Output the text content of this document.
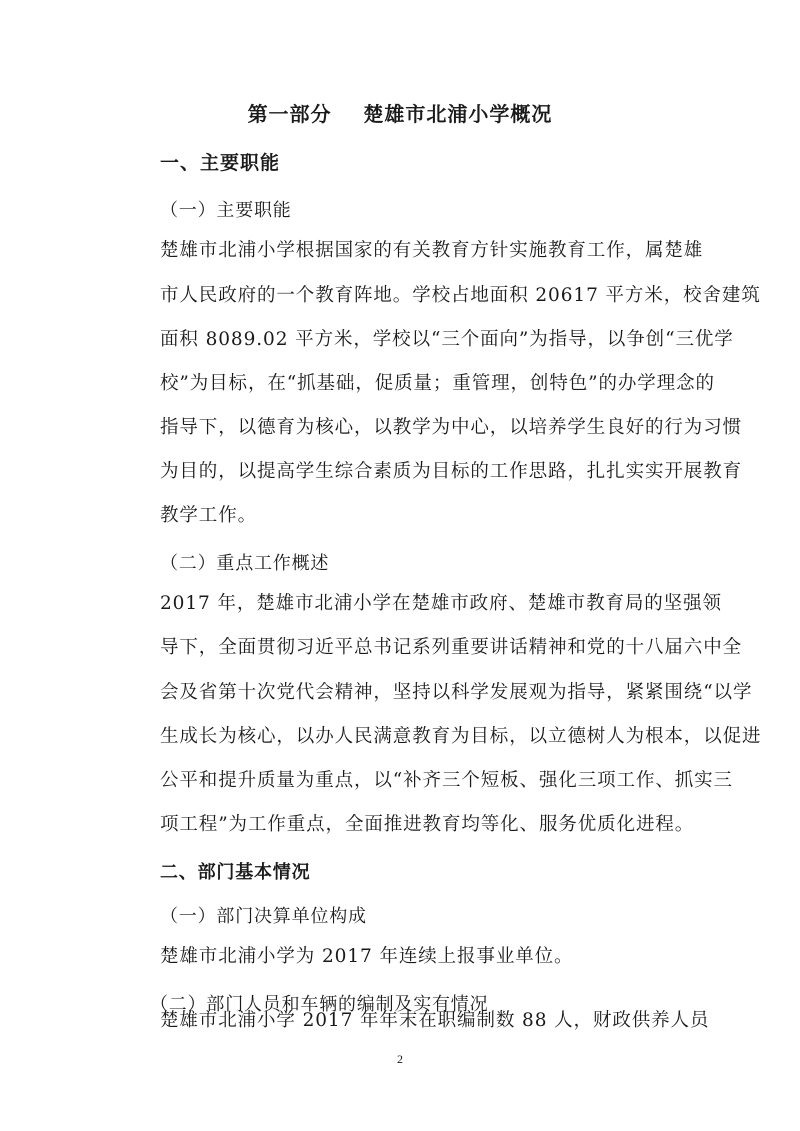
第一部分    楚雄市北浦小学概况
一、主要职能
（一）主要职能
楚雄市北浦小学根据国家的有关教育方针实施教育工作，属楚雄
市人民政府的一个教育阵地。学校占地面积 20617 平方米，校舍建筑
面积 8089.02 平方米，学校以“三个面向”为指导，以争创“三优学
校”为目标，在“抓基础，促质量；重管理，创特色”的办学理念的
指导下，以德育为核心，以教学为中心，以培养学生良好的行为习惯
为目的，以提高学生综合素质为目标的工作思路，扎扎实实开展教育
教学工作。
（二）重点工作概述
2017 年，楚雄市北浦小学在楚雄市政府、楚雄市教育局的坚强领
导下，全面贯彻习近平总书记系列重要讲话精神和党的十八届六中全
会及省第十次党代会精神，坚持以科学发展观为指导，紧紧围绕“以学
生成长为核心，以办人民满意教育为目标，以立德树人为根本，以促进
公平和提升质量为重点，以“补齐三个短板、强化三项工作、抓实三
项工程”为工作重点，全面推进教育均等化、服务优质化进程。
二、部门基本情况
（一）部门决算单位构成
楚雄市北浦小学为 2017 年连续上报事业单位。
（二）部门人员和车辆的编制及实有情况
楚雄市北浦小学 2017 年年末在职编制数 88 人，财政供养人员
2
